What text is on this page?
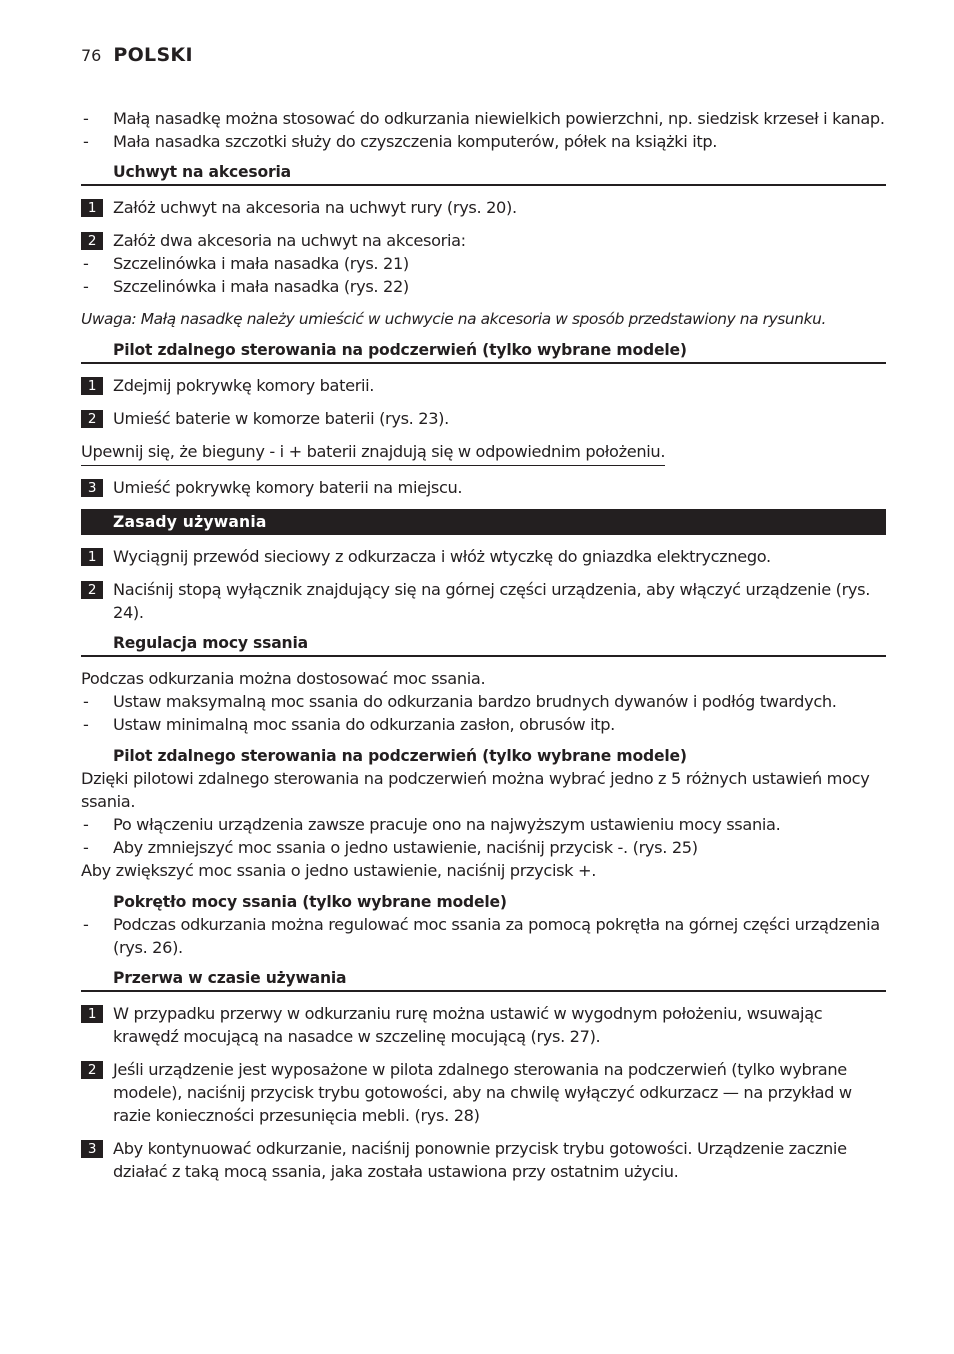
76 POLSKI
- Małą nasadkę można stosować do odkurzania niewielkich powierzchni, np. siedzisk krzeseł i kanap.
- Mała nasadka szczotki służy do czyszczenia komputerów, półek na książki itp.
Uchwyt na akcesoria
1	Załóż uchwyt na akcesoria na uchwyt rury (rys. 20).
2	Załóż dwa akcesoria na uchwyt na akcesoria:
- Szczelinówka i mała nasadka (rys. 21)
- Szczelinówka i mała nasadka (rys. 22)
Uwaga: Małą nasadkę należy umieścić w uchwycie na akcesoria w sposób przedstawiony na rysunku.
Pilot zdalnego sterowania na podczerwień (tylko wybrane modele)
1	Zdejmij pokrywkę komory baterii.
2	Umieść baterie w komorze baterii (rys. 23).
Upewnij się, że bieguny - i + baterii znajdują się w odpowiednim położeniu.
3	Umieść pokrywkę komory baterii na miejscu.
Zasady używania
1	Wyciągnij przewód sieciowy z odkurzacza i włóż wtyczkę do gniazdka elektrycznego.
2	Naciśnij stopą wyłącznik znajdujący się na górnej części urządzenia, aby włączyć urządzenie (rys. 24).
Regulacja mocy ssania
Podczas odkurzania można dostosować moc ssania.
- Ustaw maksymalną moc ssania do odkurzania bardzo brudnych dywanów i podłóg twardych.
- Ustaw minimalną moc ssania do odkurzania zasłon, obrusów itp.
Pilot zdalnego sterowania na podczerwień (tylko wybrane modele)
Dzięki pilotowi zdalnego sterowania na podczerwień można wybrać jedno z 5 różnych ustawień mocy ssania.
- Po włączeniu urządzenia zawsze pracuje ono na najwyższym ustawieniu mocy ssania.
- Aby zmniejszyć moc ssania o jedno ustawienie, naciśnij przycisk -. (rys. 25)
Aby zwiększyć moc ssania o jedno ustawienie, naciśnij przycisk +.
Pokrętło mocy ssania (tylko wybrane modele)
- Podczas odkurzania można regulować moc ssania za pomocą pokrętła na górnej części urządzenia (rys. 26).
Przerwa w czasie używania
1	W przypadku przerwy w odkurzaniu rurę można ustawić w wygodnym położeniu, wsuwając krawędź mocującą na nasadce w szczelinę mocującą (rys. 27).
2	Jeśli urządzenie jest wyposażone w pilota zdalnego sterowania na podczerwień (tylko wybrane modele), naciśnij przycisk trybu gotowości, aby na chwilę wyłączyć odkurzacz — na przykład w razie konieczności przesunięcia mebli. (rys. 28)
3	Aby kontynuować odkurzanie, naciśnij ponownie przycisk trybu gotowości. Urządzenie zacznie działać z taką mocą ssania, jaka została ustawiona przy ostatnim użyciu.
